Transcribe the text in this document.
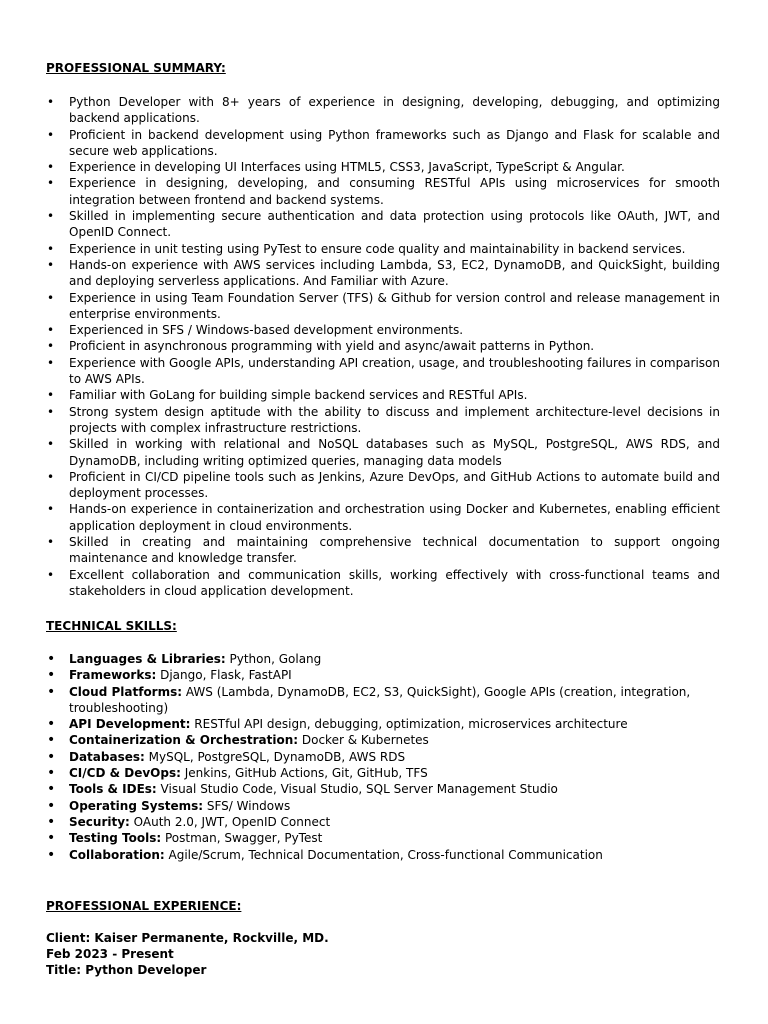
PROFESSIONAL SUMMARY:
• Python Developer with 8+ years of experience in designing, developing, debugging, and optimizing backend applications.
• Proficient in backend development using Python frameworks such as Django and Flask for scalable and secure web applications.
• Experience in developing UI Interfaces using HTML5, CSS3, JavaScript, TypeScript & Angular.
• Experience in designing, developing, and consuming RESTful APIs using microservices for smooth integration between frontend and backend systems.
• Skilled in implementing secure authentication and data protection using protocols like OAuth, JWT, and OpenID Connect.
• Experience in unit testing using PyTest to ensure code quality and maintainability in backend services.
• Hands-on experience with AWS services including Lambda, S3, EC2, DynamoDB, and QuickSight, building and deploying serverless applications. And Familiar with Azure.
• Experience in using Team Foundation Server (TFS) & Github for version control and release management in enterprise environments.
• Experienced in SFS / Windows-based development environments.
• Proficient in asynchronous programming with yield and async/await patterns in Python.
• Experience with Google APIs, understanding API creation, usage, and troubleshooting failures in comparison to AWS APIs.
• Familiar with GoLang for building simple backend services and RESTful APIs.
• Strong system design aptitude with the ability to discuss and implement architecture-level decisions in projects with complex infrastructure restrictions.
• Skilled in working with relational and NoSQL databases such as MySQL, PostgreSQL, AWS RDS, and DynamoDB, including writing optimized queries, managing data models
• Proficient in CI/CD pipeline tools such as Jenkins, Azure DevOps, and GitHub Actions to automate build and deployment processes.
• Hands-on experience in containerization and orchestration using Docker and Kubernetes, enabling efficient application deployment in cloud environments.
• Skilled in creating and maintaining comprehensive technical documentation to support ongoing maintenance and knowledge transfer.
• Excellent collaboration and communication skills, working effectively with cross-functional teams and stakeholders in cloud application development.
TECHNICAL SKILLS:
• Languages & Libraries: Python, Golang
• Frameworks: Django, Flask, FastAPI
• Cloud Platforms: AWS (Lambda, DynamoDB, EC2, S3, QuickSight), Google APIs (creation, integration, troubleshooting)
• API Development: RESTful API design, debugging, optimization, microservices architecture
• Containerization & Orchestration: Docker & Kubernetes
• Databases: MySQL, PostgreSQL, DynamoDB, AWS RDS
• CI/CD & DevOps: Jenkins, GitHub Actions, Git, GitHub, TFS
• Tools & IDEs: Visual Studio Code, Visual Studio, SQL Server Management Studio
• Operating Systems: SFS/ Windows
• Security: OAuth 2.0, JWT, OpenID Connect
• Testing Tools: Postman, Swagger, PyTest
• Collaboration: Agile/Scrum, Technical Documentation, Cross-functional Communication
PROFESSIONAL EXPERIENCE:

Client: Kaiser Permanente, Rockville, MD.

Feb 2023 - Present

Title: Python Developer
